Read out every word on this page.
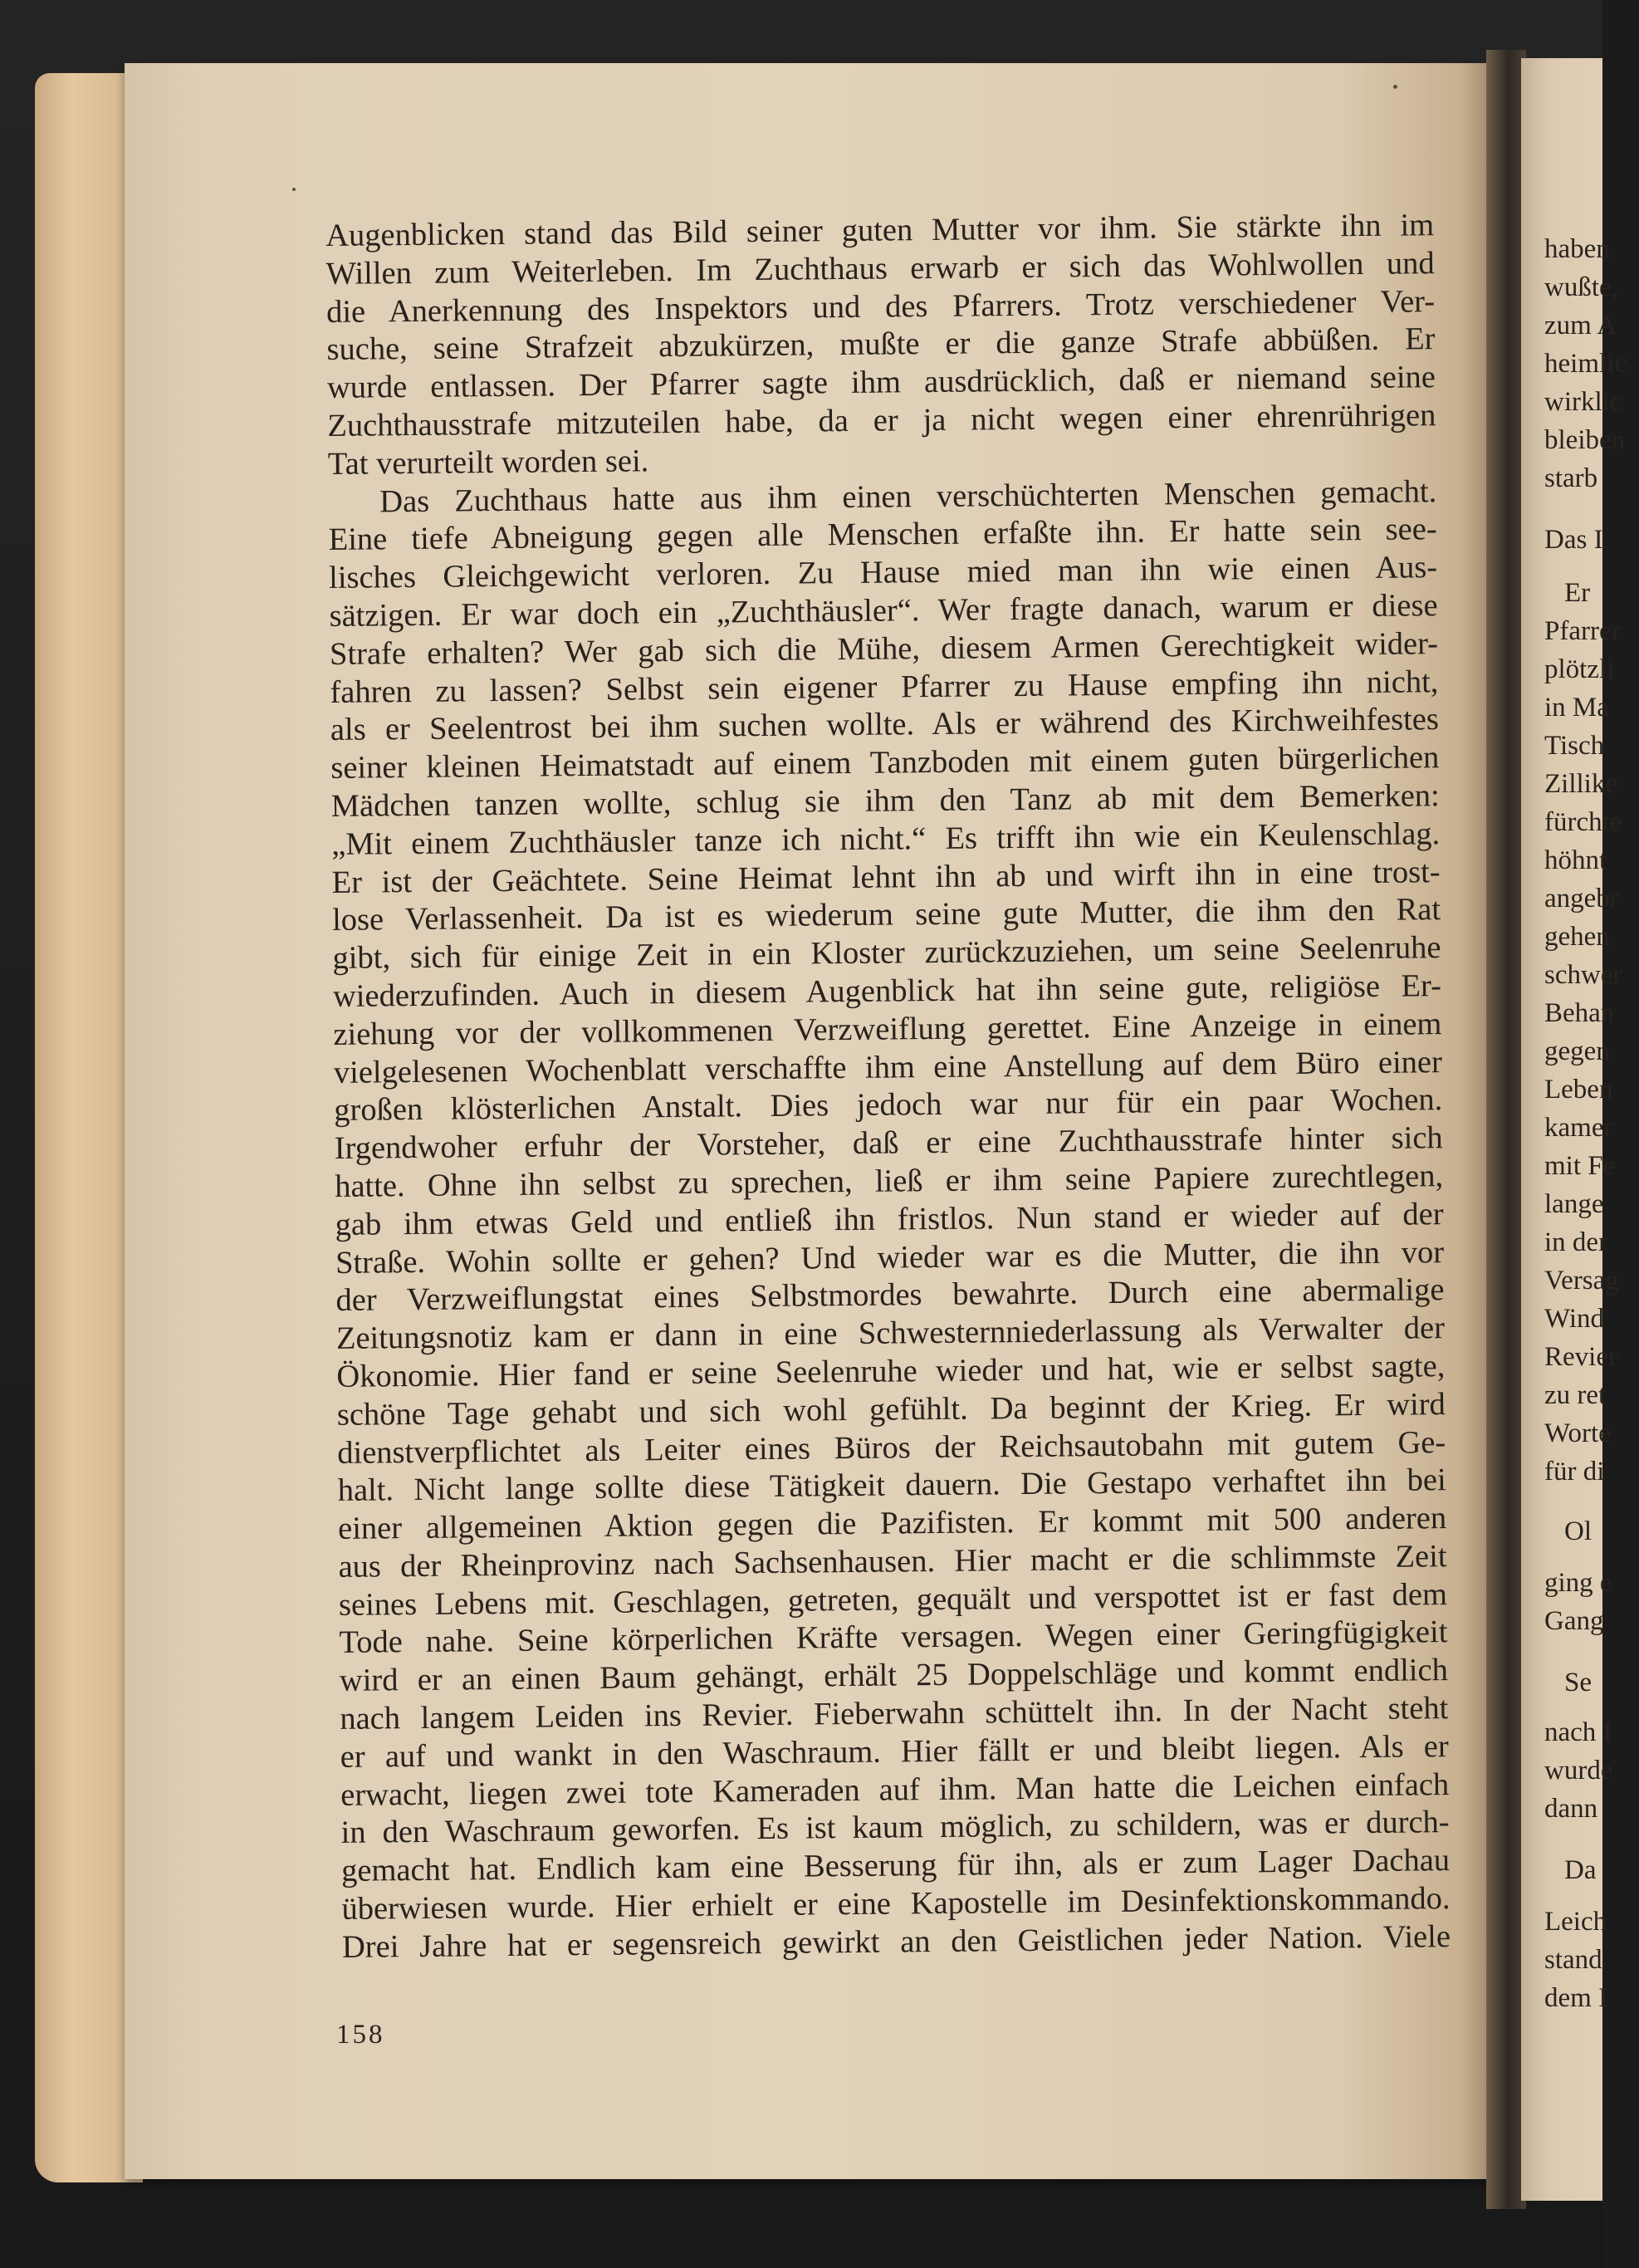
haben
wußte,
zum A
heimlic
wirklic
bleiben
starb
Das I
Er
Pfarrer
plötzli
in Ma
Tisch
Zillike
fürchte
höhnt
angebr
gehen
schwer
Behan
gegen
Leben
kamer
mit Fe
lange
in der
Versag
Wind
Revier
zu ret
Worte
für di
Ol
ging e
Gang
Se
nach I
wurde
dann
Da
Leich
stand
dem I
Augenblicken stand das Bild seiner guten Mutter vor ihm. Sie stärkte ihn im
Willen zum Weiterleben. Im Zuchthaus erwarb er sich das Wohlwollen und
die Anerkennung des Inspektors und des Pfarrers. Trotz verschiedener Ver-
suche, seine Strafzeit abzukürzen, mußte er die ganze Strafe abbüßen. Er
wurde entlassen. Der Pfarrer sagte ihm ausdrücklich, daß er niemand seine
Zuchthausstrafe mitzuteilen habe, da er ja nicht wegen einer ehrenrührigen
Tat verurteilt worden sei.
Das Zuchthaus hatte aus ihm einen verschüchterten Menschen gemacht.
Eine tiefe Abneigung gegen alle Menschen erfaßte ihn. Er hatte sein see-
lisches Gleichgewicht verloren. Zu Hause mied man ihn wie einen Aus-
sätzigen. Er war doch ein „Zuchthäusler“. Wer fragte danach, warum er diese
Strafe erhalten? Wer gab sich die Mühe, diesem Armen Gerechtigkeit wider-
fahren zu lassen? Selbst sein eigener Pfarrer zu Hause empfing ihn nicht,
als er Seelentrost bei ihm suchen wollte. Als er während des Kirchweihfestes
seiner kleinen Heimatstadt auf einem Tanzboden mit einem guten bürgerlichen
Mädchen tanzen wollte, schlug sie ihm den Tanz ab mit dem Bemerken:
„Mit einem Zuchthäusler tanze ich nicht.“ Es trifft ihn wie ein Keulenschlag.
Er ist der Geächtete. Seine Heimat lehnt ihn ab und wirft ihn in eine trost-
lose Verlassenheit. Da ist es wiederum seine gute Mutter, die ihm den Rat
gibt, sich für einige Zeit in ein Kloster zurückzuziehen, um seine Seelenruhe
wiederzufinden. Auch in diesem Augenblick hat ihn seine gute, religiöse Er-
ziehung vor der vollkommenen Verzweiflung gerettet. Eine Anzeige in einem
vielgelesenen Wochenblatt verschaffte ihm eine Anstellung auf dem Büro einer
großen klösterlichen Anstalt. Dies jedoch war nur für ein paar Wochen.
Irgendwoher erfuhr der Vorsteher, daß er eine Zuchthausstrafe hinter sich
hatte. Ohne ihn selbst zu sprechen, ließ er ihm seine Papiere zurechtlegen,
gab ihm etwas Geld und entließ ihn fristlos. Nun stand er wieder auf der
Straße. Wohin sollte er gehen? Und wieder war es die Mutter, die ihn vor
der Verzweiflungstat eines Selbstmordes bewahrte. Durch eine abermalige
Zeitungsnotiz kam er dann in eine Schwesternniederlassung als Verwalter der
Ökonomie. Hier fand er seine Seelenruhe wieder und hat, wie er selbst sagte,
schöne Tage gehabt und sich wohl gefühlt. Da beginnt der Krieg. Er wird
dienstverpflichtet als Leiter eines Büros der Reichsautobahn mit gutem Ge-
halt. Nicht lange sollte diese Tätigkeit dauern. Die Gestapo verhaftet ihn bei
einer allgemeinen Aktion gegen die Pazifisten. Er kommt mit 500 anderen
aus der Rheinprovinz nach Sachsenhausen. Hier macht er die schlimmste Zeit
seines Lebens mit. Geschlagen, getreten, gequält und verspottet ist er fast dem
Tode nahe. Seine körperlichen Kräfte versagen. Wegen einer Geringfügigkeit
wird er an einen Baum gehängt, erhält 25 Doppelschläge und kommt endlich
nach langem Leiden ins Revier. Fieberwahn schüttelt ihn. In der Nacht steht
er auf und wankt in den Waschraum. Hier fällt er und bleibt liegen. Als er
erwacht, liegen zwei tote Kameraden auf ihm. Man hatte die Leichen einfach
in den Waschraum geworfen. Es ist kaum möglich, zu schildern, was er durch-
gemacht hat. Endlich kam eine Besserung für ihn, als er zum Lager Dachau
überwiesen wurde. Hier erhielt er eine Kapostelle im Desinfektionskommando.
Drei Jahre hat er segensreich gewirkt an den Geistlichen jeder Nation. Viele
158
